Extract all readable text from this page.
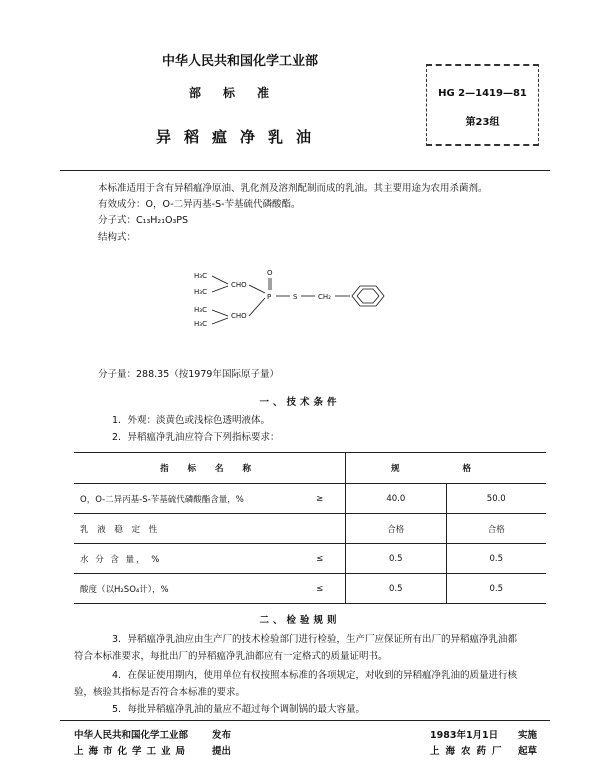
中华人民共和国化学工业部
部标准
异稻瘟净乳油
HG 2—1419—81
第23组
本标准适用于含有异稻瘟净原油、乳化剂及溶剂配制而成的乳油。其主要用途为农用杀菌剂。
有效成分：O，O-二异丙基-S-苄基硫代磷酸酯。
分子式：C₁₃H₂₁O₃PS
结构式：
H₃C
H₃C
H₃C
H₃C
CHO
CHO
O
P	S	CH₂
分子量：288.35（按1979年国际原子量）
一、技术条件
1．外观：淡黄色或浅棕色透明液体。
2．异稻瘟净乳油应符合下列指标要求：
指 标 名 称		规 格	
O，O-二异丙基-S-苄基硫代磷酸酯含量，%	≥	40.0	50.0
乳 液 稳 定 性		合格	合格
水 分 含 量， %	≤	0.5	0.5
酸度（以H₂SO₄计），%	≤	0.5	0.5
二、检验规则
3．异稻瘟净乳油应由生产厂的技术检验部门进行检验，生产厂应保证所有出厂的异稻瘟净乳油都
符合本标准要求，每批出厂的异稻瘟净乳油都应有一定格式的质量证明书。
4．在保证使用期内，使用单位有权按照本标准的各项规定，对收到的异稻瘟净乳油的质量进行核
验，核验其指标是否符合本标准的要求。
5．每批异稻瘟净乳油的量应不超过每个调制锅的最大容量。
中华人民共和国化学工业部	发布	1983年1月1日 实施
上海市化学工业局 提出	上海农药厂 起草
